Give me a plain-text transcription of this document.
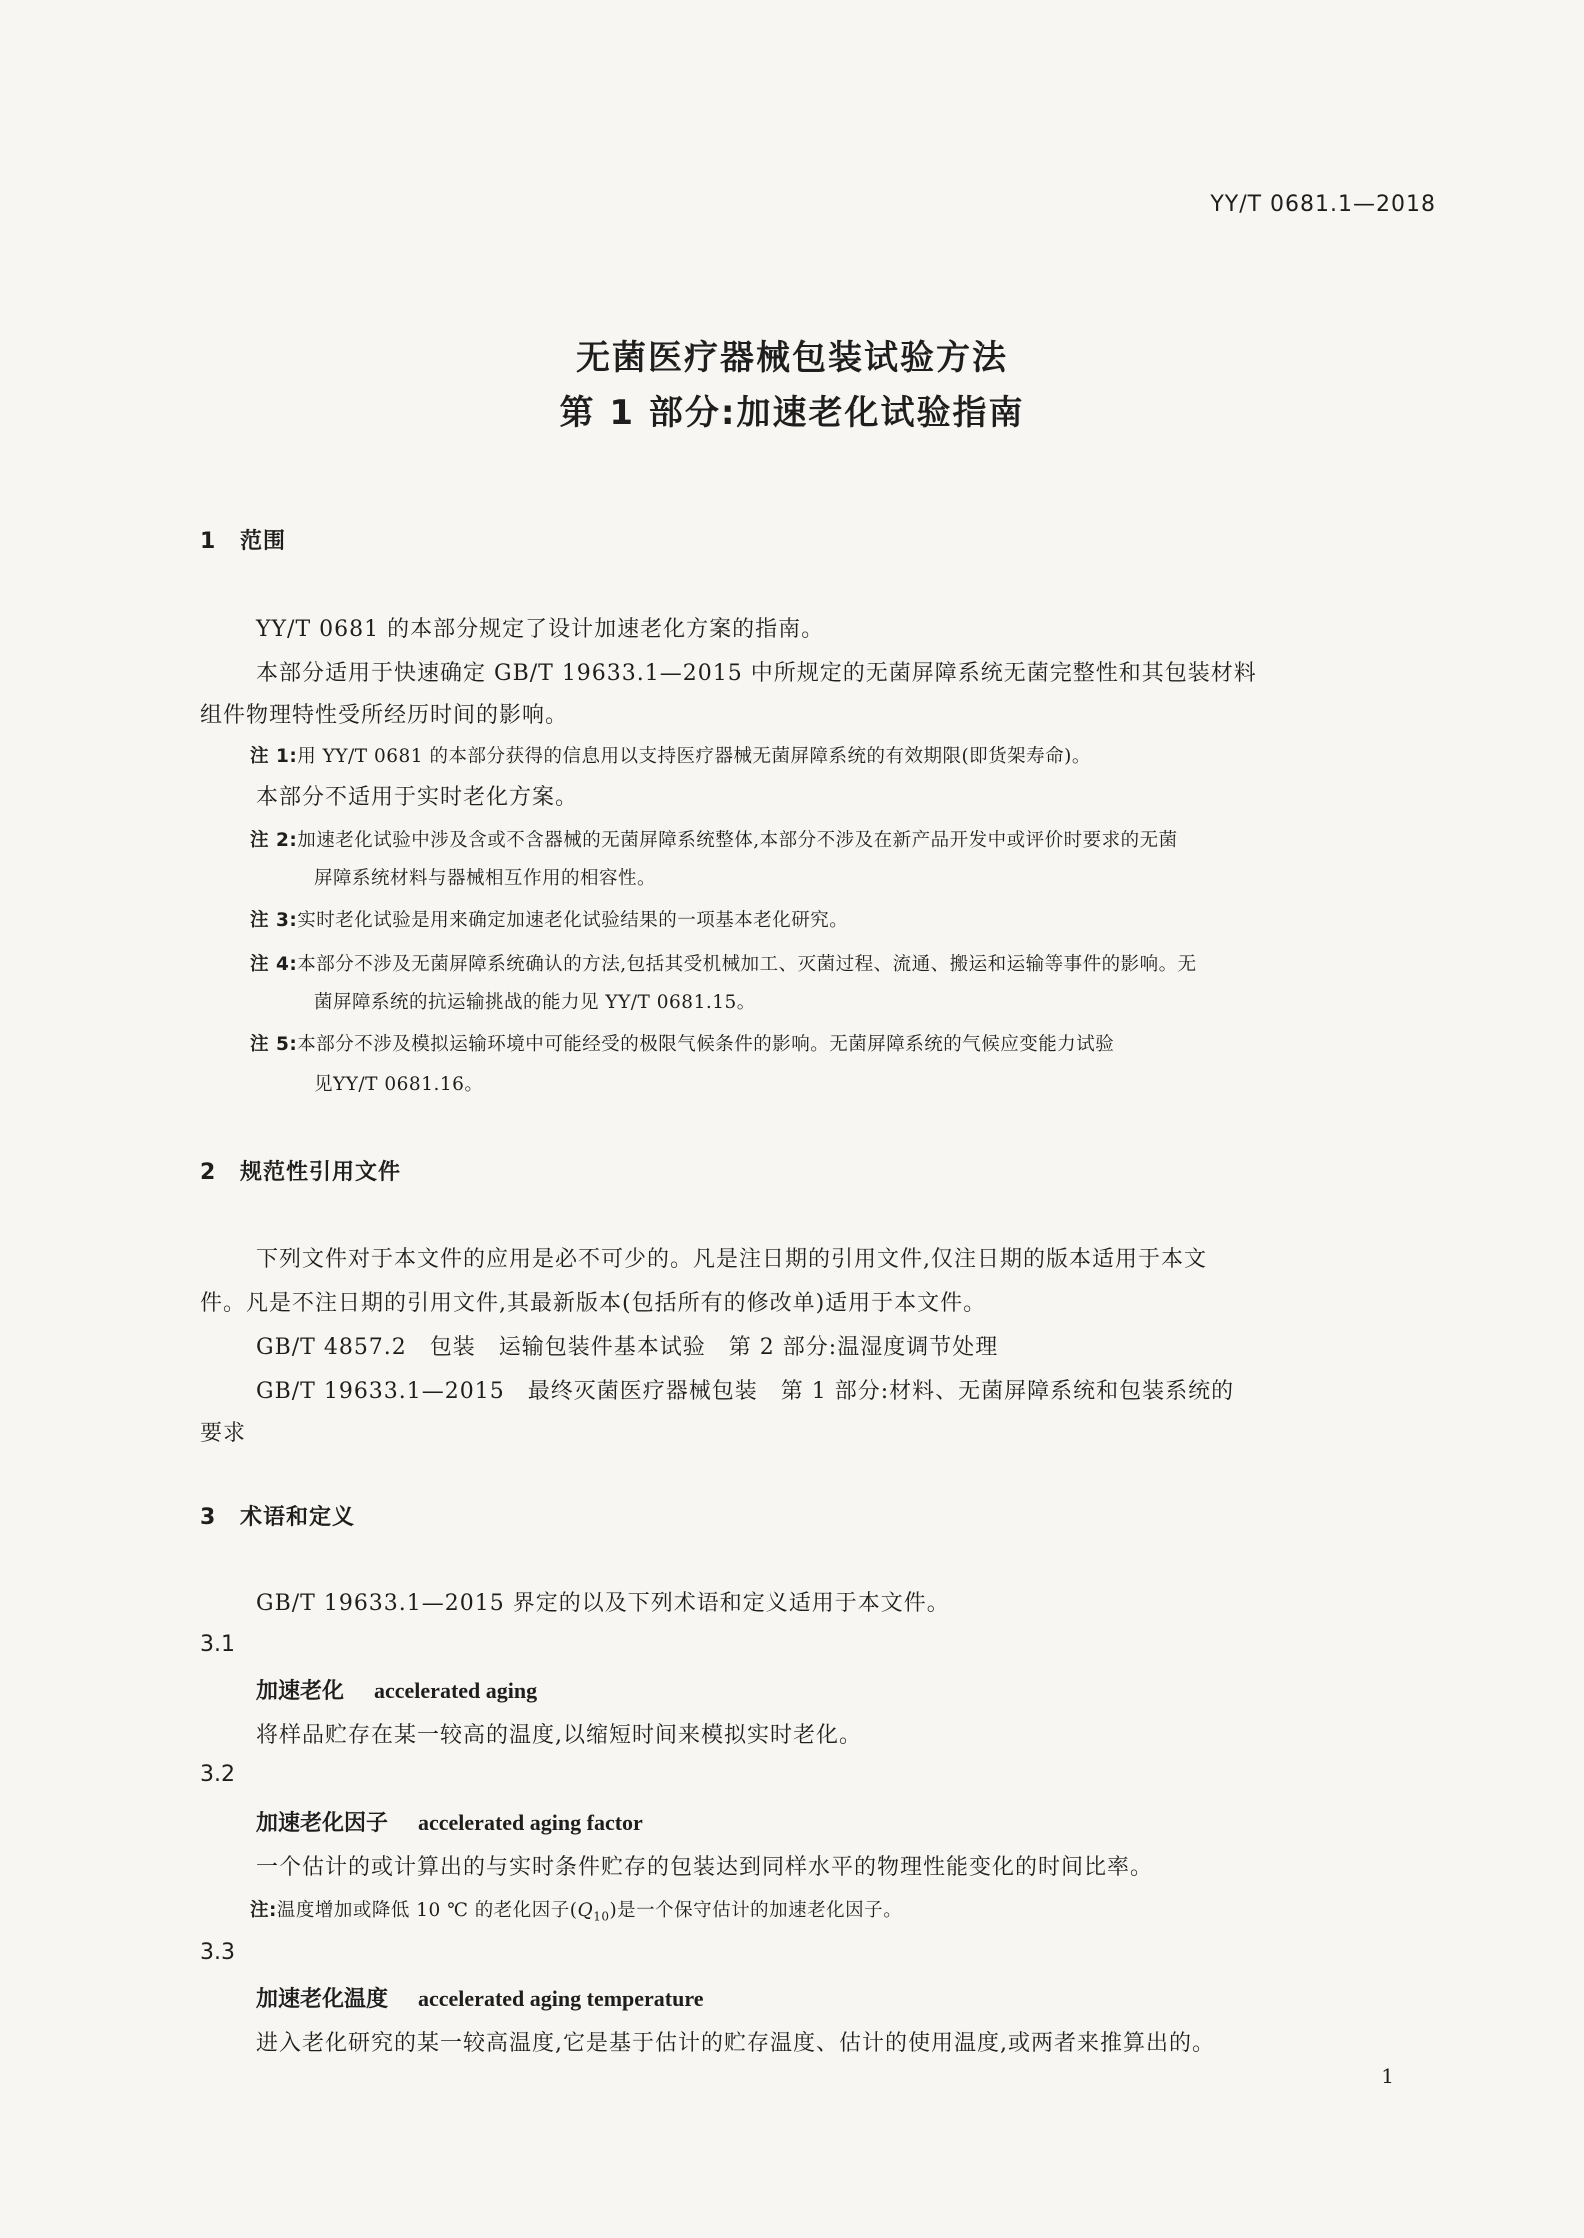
YY/T 0681.1—2018
无菌医疗器械包装试验方法
第 1 部分:加速老化试验指南
1 范围
YY/T 0681 的本部分规定了设计加速老化方案的指南。
本部分适用于快速确定 GB/T 19633.1—2015 中所规定的无菌屏障系统无菌完整性和其包装材料
组件物理特性受所经历时间的影响。
注 1:用 YY/T 0681 的本部分获得的信息用以支持医疗器械无菌屏障系统的有效期限(即货架寿命)。
本部分不适用于实时老化方案。
注 2:加速老化试验中涉及含或不含器械的无菌屏障系统整体,本部分不涉及在新产品开发中或评价时要求的无菌
屏障系统材料与器械相互作用的相容性。
注 3:实时老化试验是用来确定加速老化试验结果的一项基本老化研究。
注 4:本部分不涉及无菌屏障系统确认的方法,包括其受机械加工、灭菌过程、流通、搬运和运输等事件的影响。无
菌屏障系统的抗运输挑战的能力见 YY/T 0681.15。
注 5:本部分不涉及模拟运输环境中可能经受的极限气候条件的影响。无菌屏障系统的气候应变能力试验
见YY/T 0681.16。
2 规范性引用文件
下列文件对于本文件的应用是必不可少的。凡是注日期的引用文件,仅注日期的版本适用于本文
件。凡是不注日期的引用文件,其最新版本(包括所有的修改单)适用于本文件。
GB/T 4857.2　包装　运输包装件基本试验　第 2 部分:温湿度调节处理
GB/T 19633.1—2015　最终灭菌医疗器械包装　第 1 部分:材料、无菌屏障系统和包装系统的
要求
3 术语和定义
GB/T 19633.1—2015 界定的以及下列术语和定义适用于本文件。
3.1
加速老化 accelerated aging
将样品贮存在某一较高的温度,以缩短时间来模拟实时老化。
3.2
加速老化因子 accelerated aging factor
一个估计的或计算出的与实时条件贮存的包装达到同样水平的物理性能变化的时间比率。
注:温度增加或降低 10 ℃ 的老化因子$(Q_{10})$是一个保守估计的加速老化因子。
3.3
加速老化温度 accelerated aging temperature
进入老化研究的某一较高温度,它是基于估计的贮存温度、估计的使用温度,或两者来推算出的。
1
